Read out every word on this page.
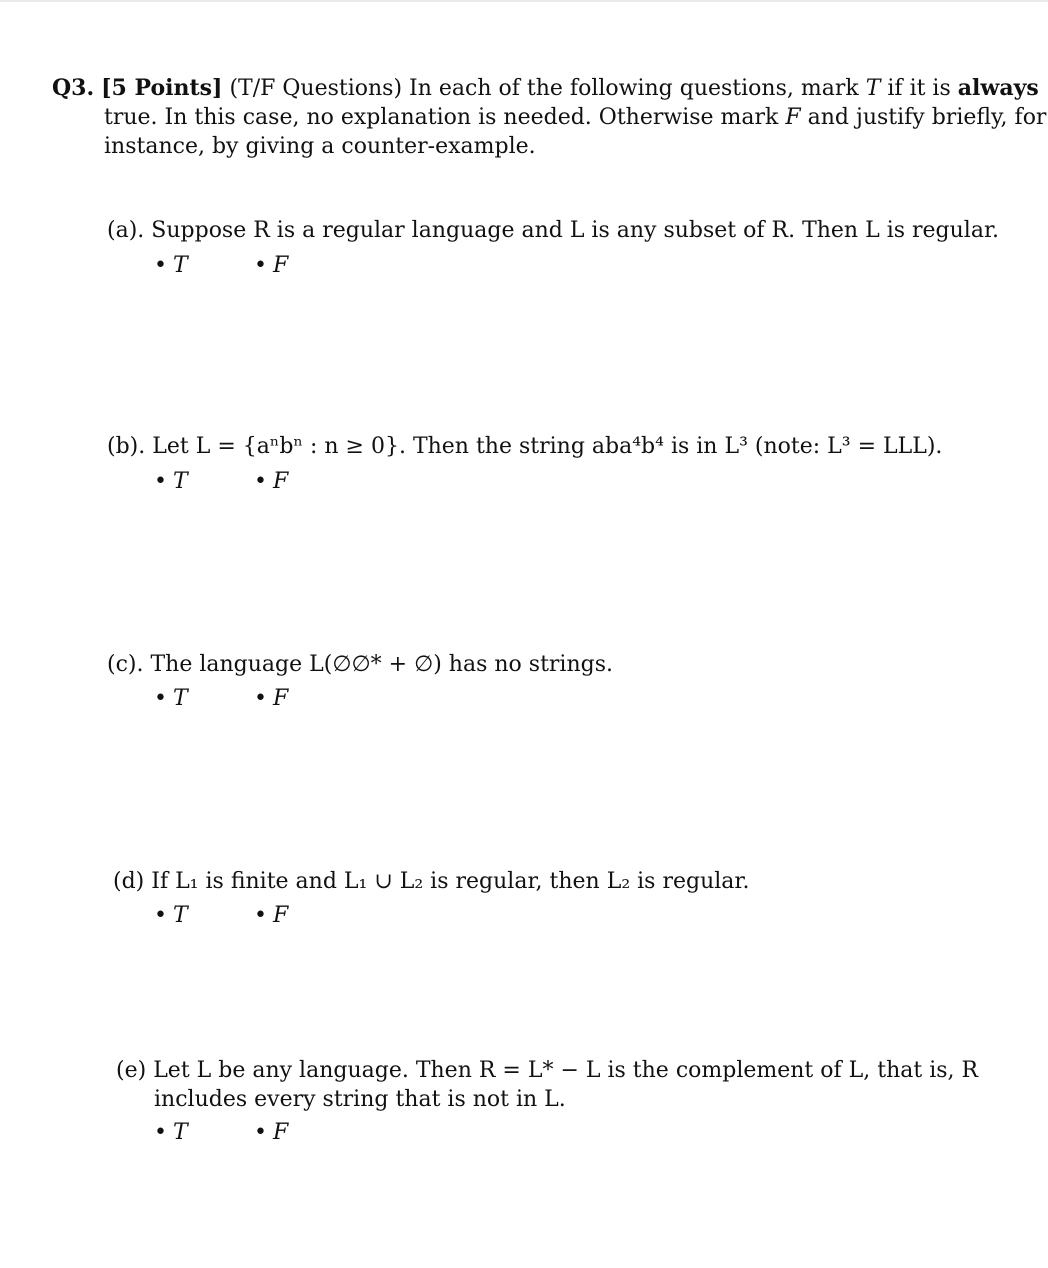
Q3. [5 Points] (T/F Questions) In each of the following questions, mark T if it is always
true. In this case, no explanation is needed. Otherwise mark F and justify briefly, for
instance, by giving a counter-example.
(a). Suppose R is a regular language and L is any subset of R. Then L is regular.
• T	• F
(b). Let L = {aⁿbⁿ : n ≥ 0}. Then the string aba⁴b⁴ is in L³ (note: L³ = LLL).
• T	• F
(c). The language L(∅∅* + ∅) has no strings.
• T	• F
(d) If L₁ is finite and L₁ ∪ L₂ is regular, then L₂ is regular.
• T	• F
(e) Let L be any language. Then R = L* − L is the complement of L, that is, R
includes every string that is not in L.
• T	• F
